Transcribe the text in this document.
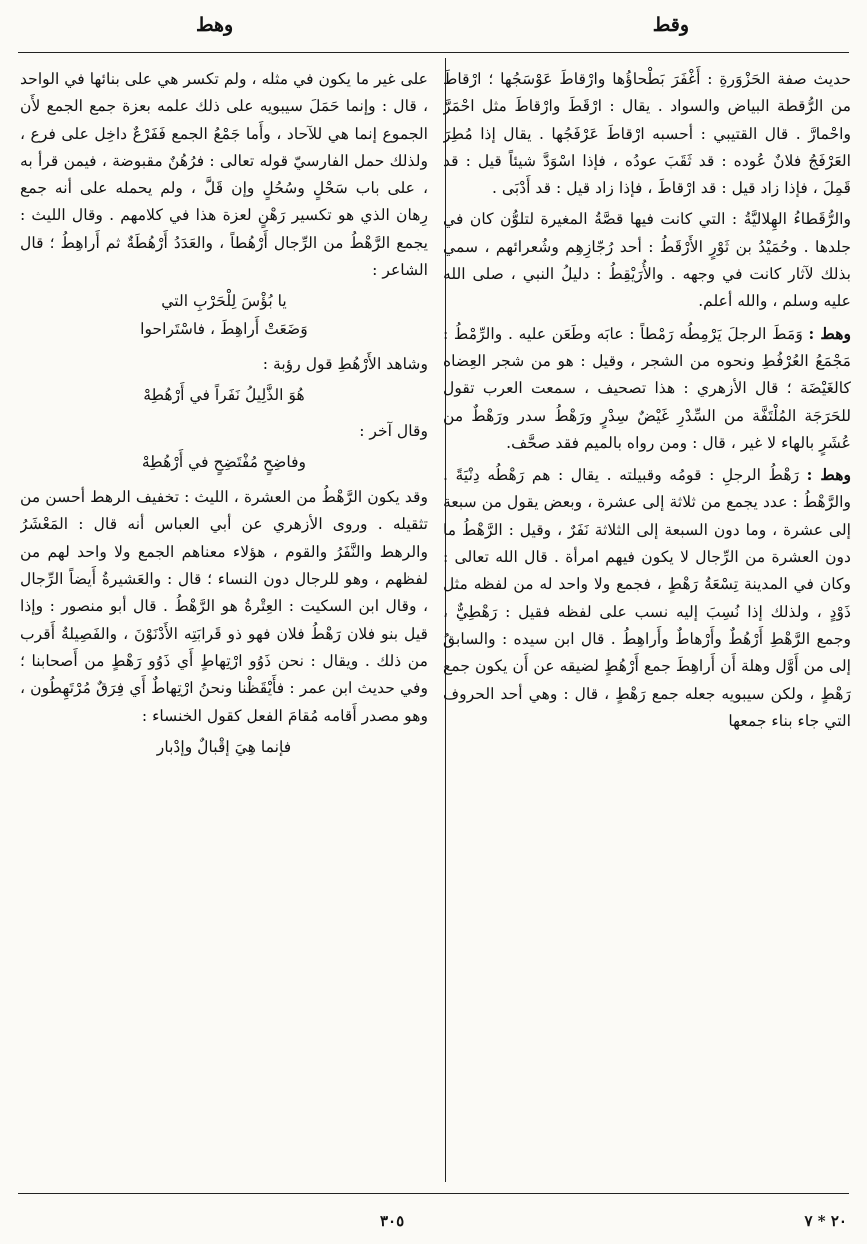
وقط
وهط

حديث صفة الحَزْوَرةِ : أَغْفَرَ بَطْحاؤُها وارْقاطَ عَوْسَجُها ؛ ارْقاطَ من الرُّقطة البياض والسواد . يقال : ارْقَطَ وارْقاطَ مثل احْمَرَّ واحْمارَّ . قال القتيبي : أحسبه ارْقاطَ عَرْفَجُها . يقال إذا مُطِرَ العَرْفَجُ فلانٌ عُوده : قد ثَقَبَ عودُه ، فإذا اسْوَدَّ شيئاً قيل : قد قَمِلَ ، فإذا زاد قيل : قد ارْقاطَ ، فإذا زاد قيل : قد أَدْبَى .

والرُّقَطاءُ الهِلاليَّةُ : التي كانت فيها قصَّةُ المغيرة لتلوُّن كان في جلدها . وحُمَيْدُ بن ثَوْرٍ الأَرْقَطُ : أحد رُجّازِهِم وشُعرائهم ، سمي بذلك لآثار كانت في وجهه . والأُرَيْقِطُ : دليلُ النبي ، صلى الله عليه وسلم ، والله أعلم.

وهط : وَمَطَ الرجلَ يَرْمِطُه رَمْطاً : عابَه وطَعَن عليه . والرِّمْطُ : مَجْمَعُ العُرْفُطِ ونحوه من الشجر ، وقيل : هو من شجر العِضاه كالغَيْضَة ؛ قال الأزهري : هذا تصحيف ، سمعت العرب تقول للحَرَجَة المُلْتَفَّة من السِّدْرِ غَيْضٌ سِدْرٍ ورَهْطُ سدر ورَهْطٌ من عُشَرٍ بالهاء لا غير ، قال : ومن رواه بالميم فقد صحَّف.

وهط : رَهْطُ الرجلِ : قومُه وقبيلته . يقال : هم رَهْطُه دِنْيَةً . والرَّهْطُ : عدد يجمع من ثلاثة إلى عشرة ، وبعض يقول من سبعة إلى عشرة ، وما دون السبعة إلى الثلاثة نَفَرٌ ، وقيل : الرَّهْطُ ما دون العشرة من الرِّجال لا يكون فيهم امرأة . قال الله تعالى : وكان في المدينة تِسْعَةُ رَهْطٍ ، فجمع ولا واحد له من لفظه مثل ذَوْدٍ ، ولذلك إذا نُسِبَ إليه نسب على لفظه فقيل : رَهْطِيٌّ ، وجمع الرَّهْطِ أَرْهُطٌ وأَرْهاطٌ وأَراهِطُ . قال ابن سيده : والسابقُ إلى من أَوَّل وهلة أَن أَراهِطَ جمع أَرْهُطٍ لضيقه عن أَن يكون جمع رَهْطٍ ، ولكن سيبويه جعله جمع رَهْطٍ ، قال : وهي أحد الحروف التي جاء بناء جمعها

على غير ما يكون في مثله ، ولم تكسر هي على بنائها في الواحد ، قال : وإنما حَمَلَ سيبويه على ذلك علمه بعزة جمع الجمع لأَن الجموع إنما هي للآحاد ، وأَما جَمْعُ الجمع فَفَرْعٌ داخِل على فرع ، ولذلك حمل الفارسيّ قوله تعالى : فرُهُنٌ مقبوضة ، فيمن قرأ به ، على باب سَحْلٍ وسُحُلٍ وإن قَلَّ ، ولم يحمله على أنه جمع رِهان الذي هو تكسير رَهْنٍ لعزة هذا في كلامهم . وقال الليث : يجمع الرَّهْطُ من الرِّجال أَرْهُطاً ، والعَدَدُ أَرْهُطَةٌ ثم أَراهِطُ ؛ قال الشاعر :

يا بُؤْسَ لِلْحَرْبِ التي
وَضَعَتْ أَراهِطَ ، فاسْتَراحوا

وشاهد الأَرْهُطِ قول رؤبة :

هُوَ الذَّلِيلُ نَفَراً في أَرْهُطِهْ

وقال آخر :

وفاضِحٍ مُفْتَضِحٍ في أَرْهُطِهْ

وقد يكون الرَّهْطُ من العشرة ، الليث : تخفيف الرهط أحسن من تثقيله . وروى الأزهري عن أبي العباس أنه قال : المَعْشَرُ والرهط والنَّفَرُ والقوم ، هؤلاء معناهم الجمع ولا واحد لهم من لفظهم ، وهو للرجال دون النساء ؛ قال : والعَشيرةُ أَيضاً الرِّجال ، وقال ابن السكيت : العِتْرةُ هو الرَّهْطُ . قال أبو منصور : وإذا قيل بنو فلان رَهْطُ فلان فهو ذو قَرابَتِه الأَدْنَوْنَ ، والفَصِيلةُ أَقرب من ذلك . ويقال : نحن ذَوُو ارْتِهاطٍ أَي ذَوُو رَهْطٍ من أَصحابنا ؛ وفي حديث ابن عمر : فأَيْقَظْنا ونحنُ ارْتِهاطٌ أَي فِرَقٌ مُرْتَهِطُون ، وهو مصدر أَقامه مُقامَ الفعل كقول الخنساء :

فإنما هِيَ إقْبالٌ وإدْبار

٣٠٥	٢٠ * ٧
